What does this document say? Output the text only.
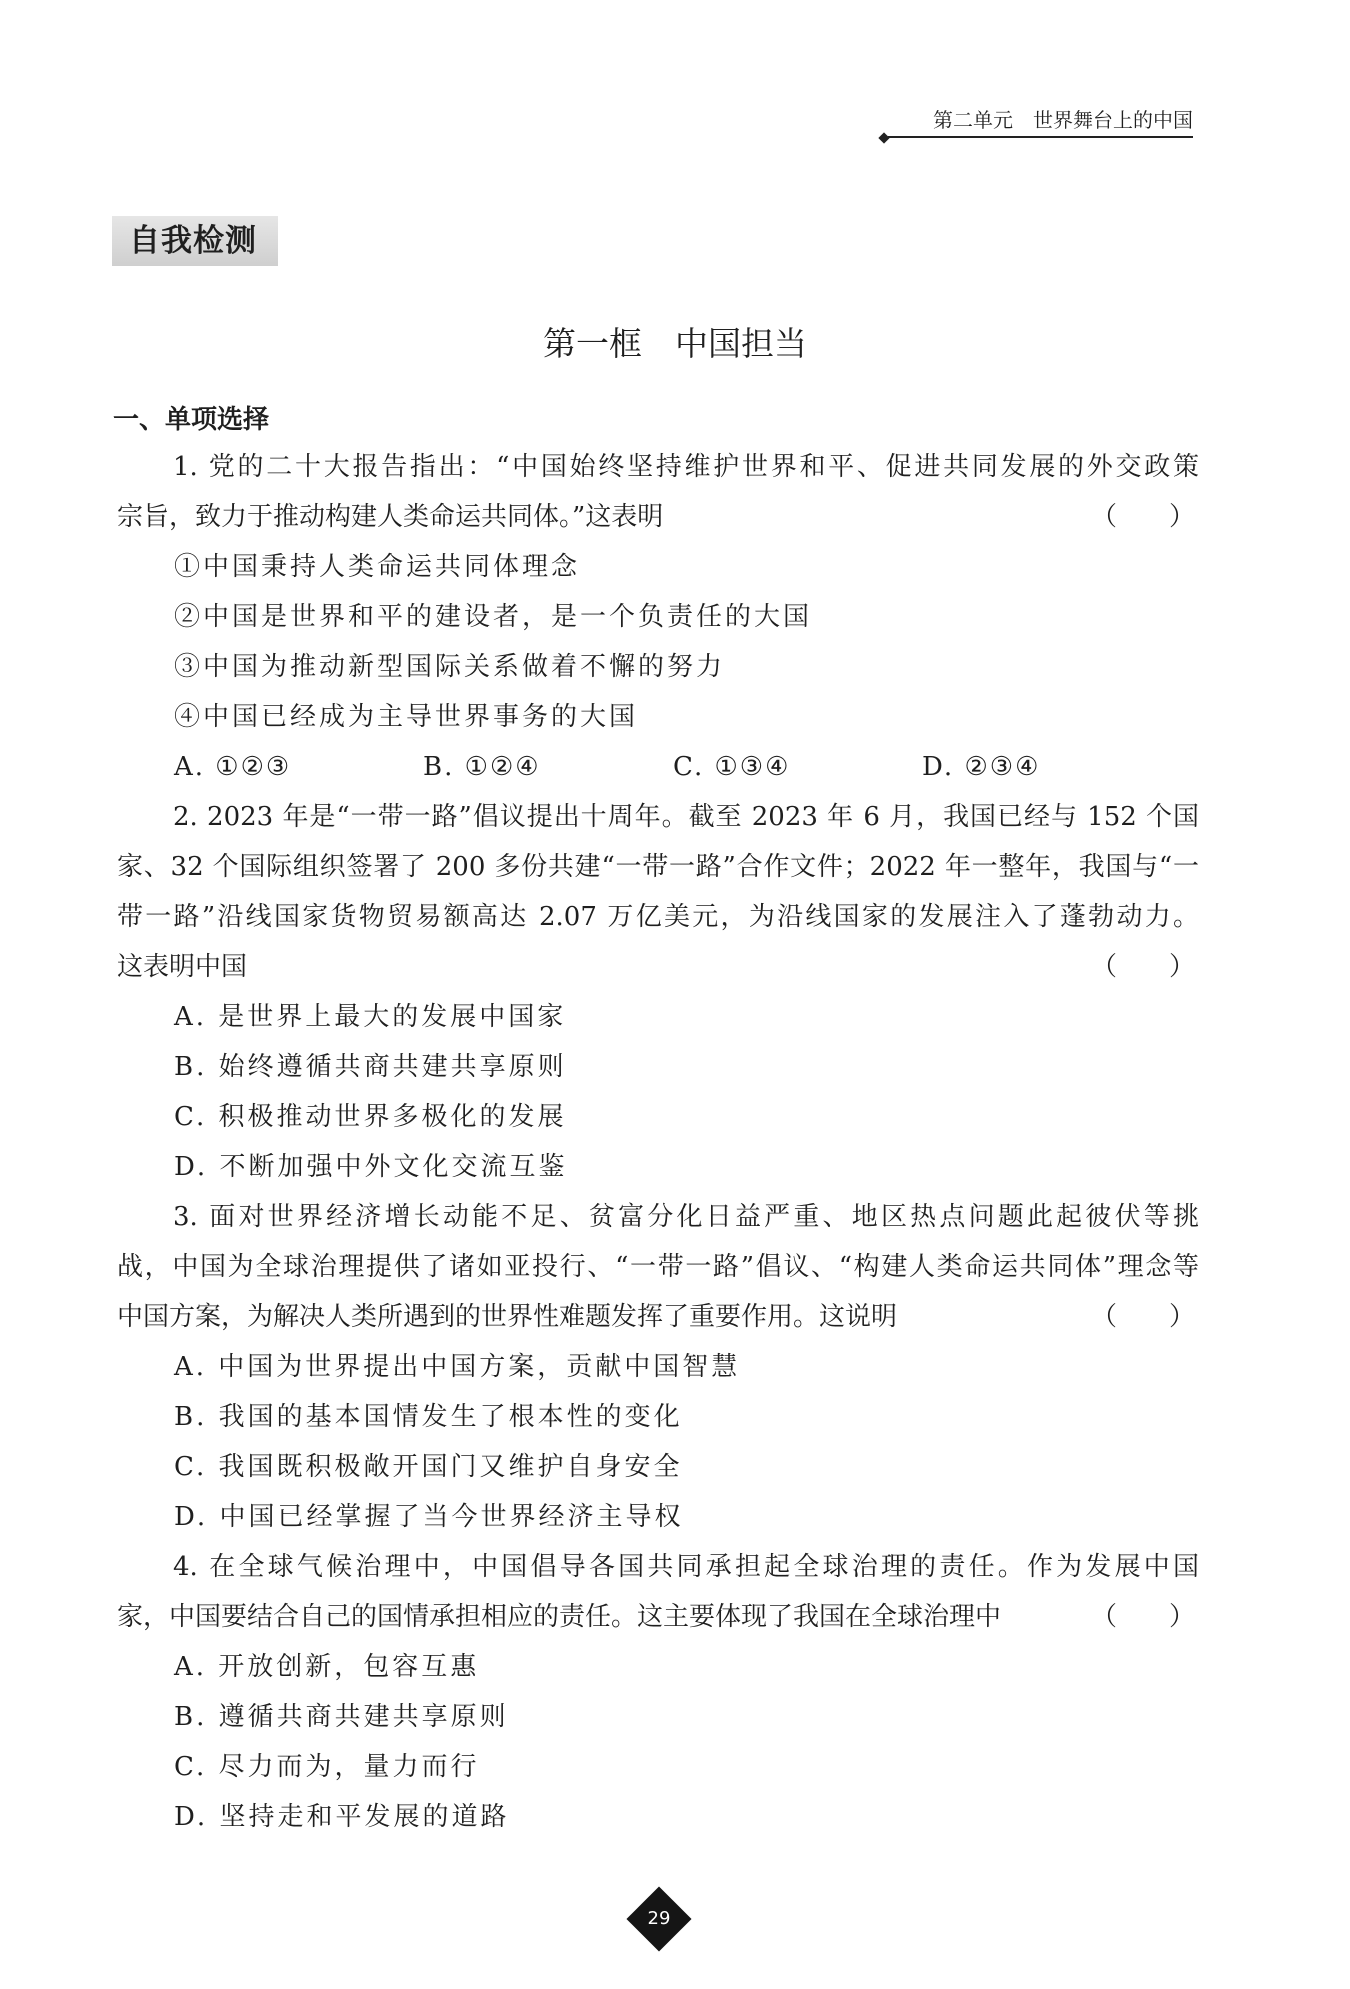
第二单元　世界舞台上的中国
自我检测
第一框　中国担当
一、单项选择
1. 党的二十大报告指出：“中国始终坚持维护世界和平、促进共同发展的外交政策
宗旨，致力于推动构建人类命运共同体。”这表明	（　　）
①中国秉持人类命运共同体理念
②中国是世界和平的建设者，是一个负责任的大国
③中国为推动新型国际关系做着不懈的努力
④中国已经成为主导世界事务的大国
A. ①②③	B. ①②④	C. ①③④	D. ②③④
2. 2023 年是“一带一路”倡议提出十周年。截至 2023 年 6 月，我国已经与 152 个国
家、32 个国际组织签署了 200 多份共建“一带一路”合作文件；2022 年一整年，我国与“一
带一路”沿线国家货物贸易额高达 2.07 万亿美元，为沿线国家的发展注入了蓬勃动力。
这表明中国	（　　）
A. 是世界上最大的发展中国家
B. 始终遵循共商共建共享原则
C. 积极推动世界多极化的发展
D. 不断加强中外文化交流互鉴
3. 面对世界经济增长动能不足、贫富分化日益严重、地区热点问题此起彼伏等挑
战，中国为全球治理提供了诸如亚投行、“一带一路”倡议、“构建人类命运共同体”理念等
中国方案，为解决人类所遇到的世界性难题发挥了重要作用。这说明	（　　）
A. 中国为世界提出中国方案，贡献中国智慧
B. 我国的基本国情发生了根本性的变化
C. 我国既积极敞开国门又维护自身安全
D. 中国已经掌握了当今世界经济主导权
4. 在全球气候治理中，中国倡导各国共同承担起全球治理的责任。作为发展中国
家，中国要结合自己的国情承担相应的责任。这主要体现了我国在全球治理中	（　　）
A. 开放创新，包容互惠
B. 遵循共商共建共享原则
C. 尽力而为，量力而行
D. 坚持走和平发展的道路
29
